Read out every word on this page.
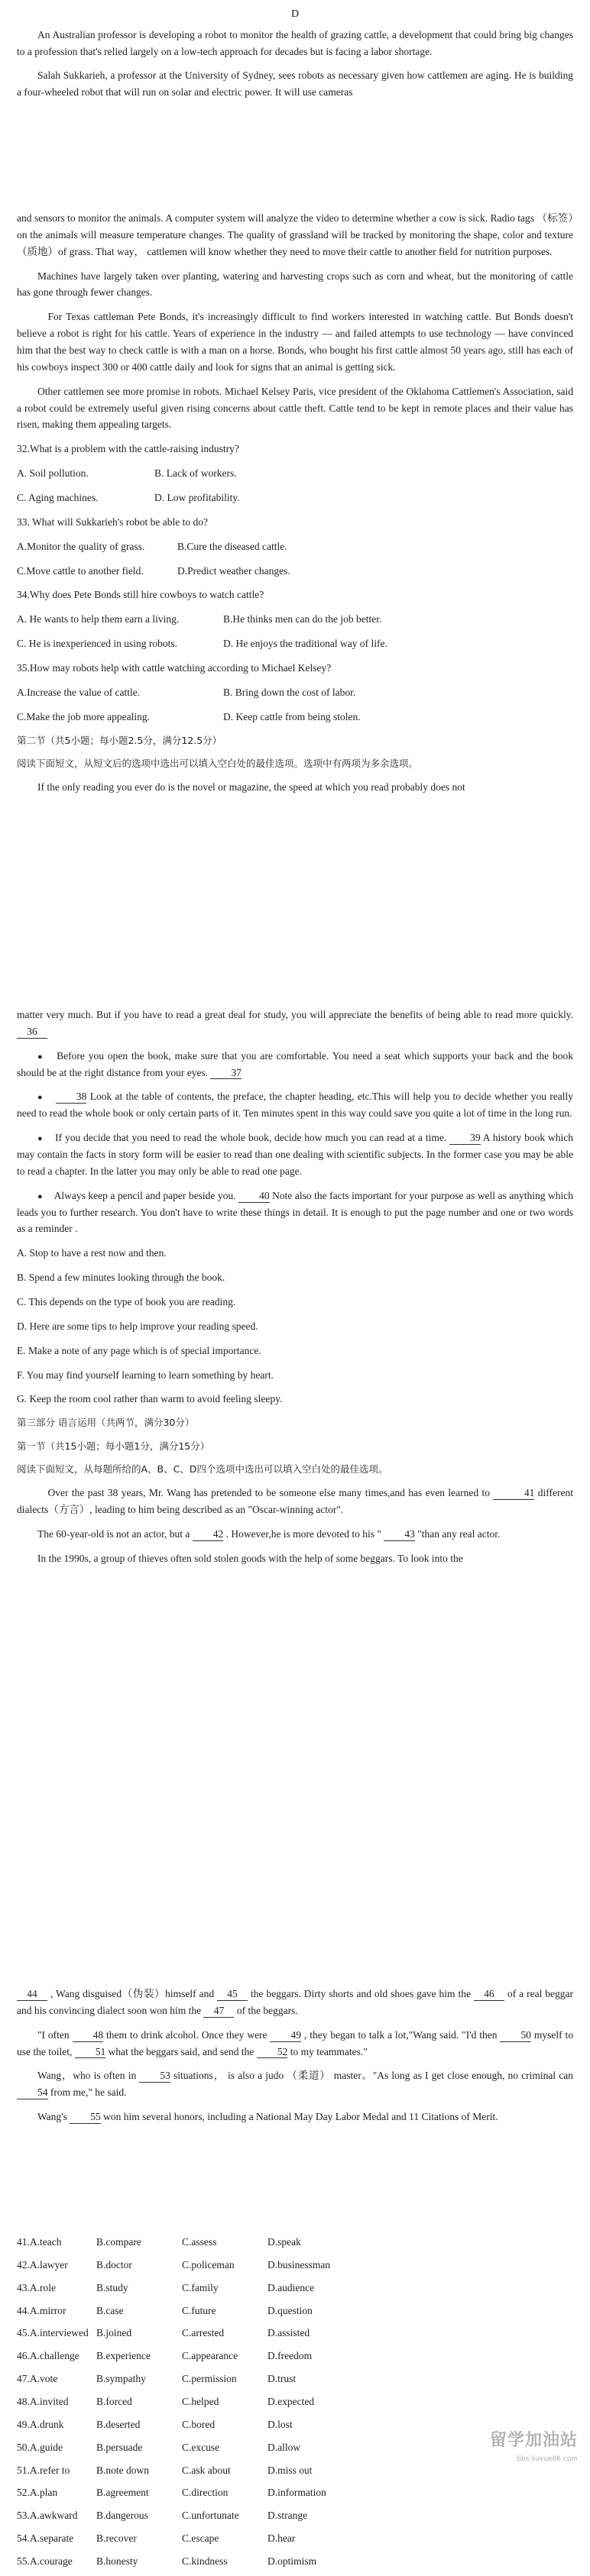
D

An Australian professor is developing a robot to monitor the health of grazing cattle, a development that could bring big changes to a profession that's relied largely on a low-tech approach for decades but is facing a labor shortage.

Salah Sukkarieh, a professor at the University of Sydney, sees robots as necessary given how cattlemen are aging. He is building a four-wheeled robot that will run on solar and electric power. It will use cameras

and sensors to monitor the animals. A computer system will analyze the video to determine whether a cow is sick. Radio tags （标签）on the animals will measure temperature changes. The quality of grassland will be tracked by monitoring the shape, color and texture （质地）of grass. That way， cattlemen will know whether they need to move their cattle to another field for nutrition purposes.

Machines have largely taken over planting, watering and harvesting crops such as corn and wheat, but the monitoring of cattle has gone through fewer changes.

For Texas cattleman Pete Bonds, it's increasingly difficult to find workers interested in watching cattle. But Bonds doesn't believe a robot is right for his cattle. Years of experience in the industry — and failed attempts to use technology — have convinced him that the best way to check cattle is with a man on a horse. Bonds, who bought his first cattle almost 50 years ago, still has each of his cowboys inspect 300 or 400 cattle daily and look for signs that an animal is getting sick.

Other cattlemen see more promise in robots. Michael Kelsey Paris, vice president of the Oklahoma Cattlemen's Association, said a robot could be extremely useful given rising concerns about cattle theft. Cattle tend to be kept in remote places and their value has risen, making them appealing targets.

32.What is a problem with the cattle-raising industry?

A. Soil pollution.	B. Lack of workers.
C. Aging machines.	D. Low profitability.

33. What will Sukkarieh's robot be able to do?

A.Monitor the quality of grass.	B.Cure the diseased cattle.
C.Move cattle to another field.	D.Predict weather changes.

34.Why does Pete Bonds still hire cowboys to watch cattle?

A. He wants to help them earn a living.	B.He thinks men can do the job better.
C. He is inexperienced in using robots.	D. He enjoys the traditional way of life.

35.How may robots help with cattle watching according to Michael Kelsey?

A.Increase the value of cattle.	B. Bring down the cost of labor.
C.Make the job more appealing.	D. Keep cattle from being stolen.

第二节（共5小题；每小题2.5分，满分12.5分）

阅读下面短文，从短文后的选项中选出可以填入空白处的最佳选项。选项中有两项为多余选项。

If the only reading you ever do is the novel or magazine, the speed at which you read probably does not

matter very much. But if you have to read a great deal for study, you will appreciate the benefits of being able to read more quickly. 36

● Before you open the book, make sure that you are comfortable. You need a seat which supports your back and the book should be at the right distance from your eyes. 37

● 38 Look at the table of contents, the preface, the chapter heading, etc.This will help you to decide whether you really need to read the whole book or only certain parts of it. Ten minutes spent in this way could save you quite a lot of time in the long run.

● If you decide that you need to read the whole book, decide how much you can read at a time. 39 A history book which may contain the facts in story form will be easier to read than one dealing with scientific subjects. In the former case you may be able to read a chapter. In the latter you may only be able to read one page.

● Always keep a pencil and paper beside you. 40 Note also the facts important for your purpose as well as anything which leads you to further research. You don't have to write these things in detail. It is enough to put the page number and one or two words as a reminder .

A. Stop to have a rest now and then.

B. Spend a few minutes looking through the book.

C. This depends on the type of book you are reading.

D. Here are some tips to help improve your reading speed.

E. Make a note of any page which is of special importance.

F. You may find yourself learning to learn something by heart.

G. Keep the room cool rather than warm to avoid feeling sleepy.

第三部分 语言运用（共两节，满分30分）

第一节（共15小题；每小题1分，满分15分）

阅读下面短文，从每题所给的A、B、C、D四个选项中选出可以填入空白处的最佳选项。

Over the past 38 years, Mr. Wang has pretended to be someone else many times,and has even learned to	41 different dialects（方言）, leading to him being described as an "Oscar-winning actor".

The 60-year-old is not an actor, but a 42 . However,he is more devoted to his " 43 "than any real actor.

In the 1990s, a group of thieves often sold stolen goods with the help of some beggars. To look into the

44 , Wang disguised（伪装）himself and 45 the beggars. Dirty shorts and old shoes gave him the 46 of a real beggar and his convincing dialect soon won him the 47 of the beggars.

"I often 48 them to drink alcohol. Once they were 49 , they began to talk a lot,"Wang said. "I'd then 50 myself to use the toilet, 51 what the beggars said, and send the 52 to my teammates."

Wang，who is often in 53 situations， is also a judo （柔道） master。"As long as I get close enough, no criminal can 54 from me," he said.

Wang's 55 won him several honors, including a National May Day Labor Medal and 11 Citations of Merit.

41.A.teach	B.compare	C.assess	D.speak
42.A.lawyer	B.doctor	C.policeman	D.businessman
43.A.role	B.study	C.family	D.audience
44.A.mirror	B.case	C.future	D.question
45.A.interviewed B.joined	C.arrested	D.assisted
46.A.challenge	B.experience	C.appearance	D.freedom
47.A.vote	B.sympathy	C.permission	D.trust
48.A.invited	B.forced	C.helped	D.expected
49.A.drunk	B.deserted	C.bored	D.lost
50.A.guide	B.persuade	C.excuse	D.allow
51.A.refer to	B.note down	C.ask about	D.miss out
52.A.plan	B.agreement	C.direction	D.information
53.A.awkward	B.dangerous	C.unfortunate	D.strange
54.A.separate	B.recover	C.escape	D.hear
55.A.courage	B.honesty	C.kindness	D.optimism
留学加油站
bbs.liuxue86.com
